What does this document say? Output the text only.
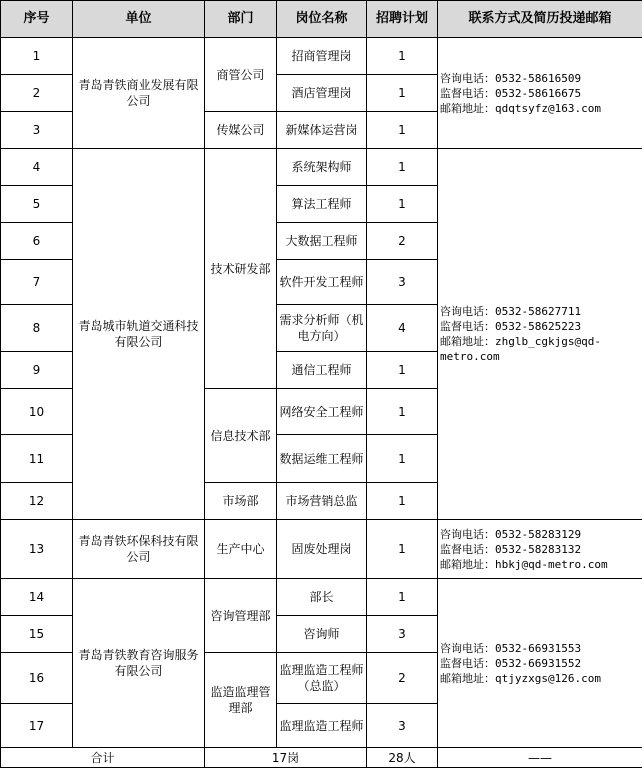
序号	单位	部门	岗位名称	招聘计划	联系方式及简历投递邮箱
1	青岛青铁商业发展有限公司	商管公司	招商管理岗	1	咨询电话：0532-58616509
监督电话：0532-58616675
邮箱地址：qdqtsyfz@163.com
2			酒店管理岗	1	
3		传媒公司	新媒体运营岗	1	
4	青岛城市轨道交通科技有限公司	技术研发部	系统架构师	1	咨询电话：0532-58627711
监督电话：0532-58625223
邮箱地址：zhglb_cgkjgs@qd-metro.com
5			算法工程师	1	
6			大数据工程师	2	
7			软件开发工程师	3	
8			需求分析师（机电方向）	4	
9			通信工程师	1	
10		信息技术部	网络安全工程师	1	
11			数据运维工程师	1	
12		市场部	市场营销总监	1	
13	青岛青铁环保科技有限公司	生产中心	固废处理岗	1	咨询电话：0532-58283129
监督电话：0532-58283132
邮箱地址：hbkj@qd-metro.com
14	青岛青铁教育咨询服务有限公司	咨询管理部	部长	1	咨询电话：0532-66931553
监督电话：0532-66931552
邮箱地址：qtjyzxgs@126.com
15			咨询师	3	
16		监造监理管理部	监理监造工程师（总监）	2	
17			监理监造工程师	3	
合计		17岗		28人	——
